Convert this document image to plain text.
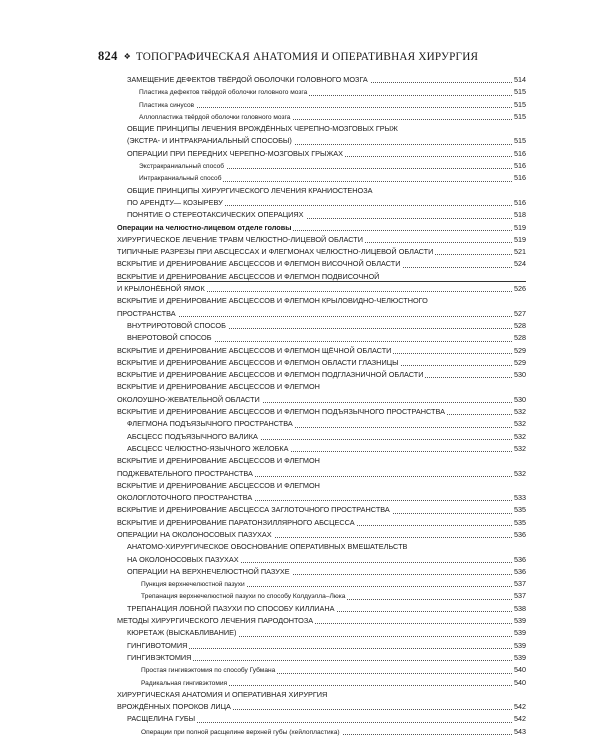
824 ❖ ТОПОГРАФИЧЕСКАЯ АНАТОМИЯ И ОПЕРАТИВНАЯ ХИРУРГИЯ
ЗАМЕЩЕНИЕ ДЕФЕКТОВ ТВЁРДОЙ ОБОЛОЧКИ ГОЛОВНОГО МОЗГА	514
Пластика дефектов твёрдой оболочки головного мозга	515
Пластика синусов	515
Аллопластика твёрдой оболочки головного мозга	515
ОБЩИЕ ПРИНЦИПЫ ЛЕЧЕНИЯ ВРОЖДЁННЫХ ЧЕРЕПНО-МОЗГОВЫХ ГРЫЖ
(ЭКСТРА- И ИНТРАКРАНИАЛЬНЫЙ СПОСОБЫ)	515
ОПЕРАЦИИ ПРИ ПЕРЕДНИХ ЧЕРЕПНО-МОЗГОВЫХ ГРЫЖАХ	516
Экстракраниальный способ	516
Интракраниальный способ	516
ОБЩИЕ ПРИНЦИПЫ ХИРУРГИЧЕСКОГО ЛЕЧЕНИЯ КРАНИОСТЕНОЗА
ПО АРЕНДТУ— КОЗЫРЕВУ	516
ПОНЯТИЕ О СТЕРЕОТАКСИЧЕСКИХ ОПЕРАЦИЯХ	518
Операции на челюстно-лицевом отделе головы	519
ХИРУРГИЧЕСКОЕ ЛЕЧЕНИЕ ТРАВМ ЧЕЛЮСТНО-ЛИЦЕВОЙ ОБЛАСТИ	519
ТИПИЧНЫЕ РАЗРЕЗЫ ПРИ АБСЦЕССАХ И ФЛЕГМОНАХ ЧЕЛЮСТНО-ЛИЦЕВОЙ ОБЛАСТИ	521
ВСКРЫТИЕ И ДРЕНИРОВАНИЕ АБСЦЕССОВ И ФЛЕГМОН ВИСОЧНОЙ ОБЛАСТИ	524
ВСКРЫТИЕ И ДРЕНИРОВАНИЕ АБСЦЕССОВ И ФЛЕГМОН ПОДВИСОЧНОЙ
И КРЫЛОНЁБНОЙ ЯМОК	526
ВСКРЫТИЕ И ДРЕНИРОВАНИЕ АБСЦЕССОВ И ФЛЕГМОН КРЫЛОВИДНО-ЧЕЛЮСТНОГО
ПРОСТРАНСТВА	527
ВНУТРИРОТОВОЙ СПОСОБ	528
ВНЕРОТОВОЙ СПОСОБ	528
ВСКРЫТИЕ И ДРЕНИРОВАНИЕ АБСЦЕССОВ И ФЛЕГМОН ЩЁЧНОЙ ОБЛАСТИ	529
ВСКРЫТИЕ И ДРЕНИРОВАНИЕ АБСЦЕССОВ И ФЛЕГМОН ОБЛАСТИ ГЛАЗНИЦЫ	529
ВСКРЫТИЕ И ДРЕНИРОВАНИЕ АБСЦЕССОВ И ФЛЕГМОН ПОДГЛАЗНИЧНОЙ ОБЛАСТИ	530
ВСКРЫТИЕ И ДРЕНИРОВАНИЕ АБСЦЕССОВ И ФЛЕГМОН
ОКОЛОУШНО-ЖЕВАТЕЛЬНОЙ ОБЛАСТИ	530
ВСКРЫТИЕ И ДРЕНИРОВАНИЕ АБСЦЕССОВ И ФЛЕГМОН ПОДЪЯЗЫЧНОГО ПРОСТРАНСТВА	532
ФЛЕГМОНА ПОДЪЯЗЫЧНОГО ПРОСТРАНСТВА	532
АБСЦЕСС ПОДЪЯЗЫЧНОГО ВАЛИКА	532
АБСЦЕСС ЧЕЛЮСТНО-ЯЗЫЧНОГО ЖЕЛОБКА	532
ВСКРЫТИЕ И ДРЕНИРОВАНИЕ АБСЦЕССОВ И ФЛЕГМОН
ПОДЖЕВАТЕЛЬНОГО ПРОСТРАНСТВА	532
ВСКРЫТИЕ И ДРЕНИРОВАНИЕ АБСЦЕССОВ И ФЛЕГМОН
ОКОЛОГЛОТОЧНОГО ПРОСТРАНСТВА	533
ВСКРЫТИЕ И ДРЕНИРОВАНИЕ АБСЦЕССА ЗАГЛОТОЧНОГО ПРОСТРАНСТВА	535
ВСКРЫТИЕ И ДРЕНИРОВАНИЕ ПАРАТОНЗИЛЛЯРНОГО АБСЦЕССА	535
ОПЕРАЦИИ НА ОКОЛОНОСОВЫХ ПАЗУХАХ	536
АНАТОМО-ХИРУРГИЧЕСКОЕ ОБОСНОВАНИЕ ОПЕРАТИВНЫХ ВМЕШАТЕЛЬСТВ
НА ОКОЛОНОСОВЫХ ПАЗУХАХ	536
ОПЕРАЦИИ НА ВЕРХНЕЧЕЛЮСТНОЙ ПАЗУХЕ	536
Пункция верхнечелюстной пазухи	537
Трепанация верхнечелюстной пазухи по способу Колдуэлла–Люка	537
ТРЕПАНАЦИЯ ЛОБНОЙ ПАЗУХИ ПО СПОСОБУ КИЛЛИАНА	538
МЕТОДЫ ХИРУРГИЧЕСКОГО ЛЕЧЕНИЯ ПАРОДОНТОЗА	539
КЮРЕТАЖ (ВЫСКАБЛИВАНИЕ)	539
ГИНГИВОТОМИЯ	539
ГИНГИВЭКТОМИЯ	539
Простая гингивэктомия по способу Губмана	540
Радикальная гингивэктомия	540
ХИРУРГИЧЕСКАЯ АНАТОМИЯ И ОПЕРАТИВНАЯ ХИРУРГИЯ
ВРОЖДЁННЫХ ПОРОКОВ ЛИЦА	542
РАСЩЕЛИНА ГУБЫ	542
Операции при полной расщелине верхней губы (хейлопластика)	543
